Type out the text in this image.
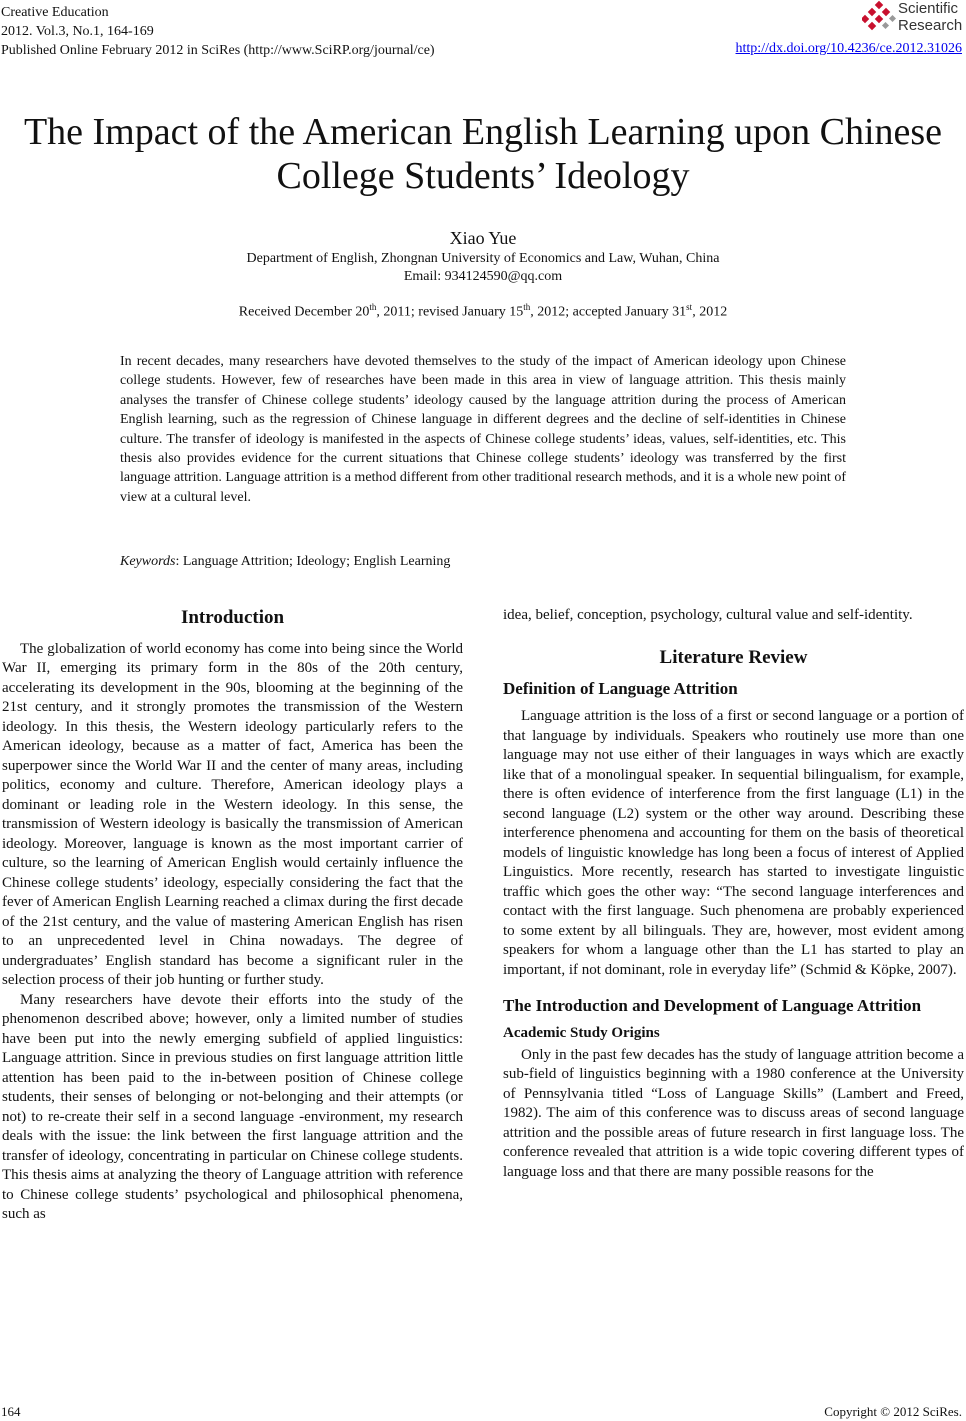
Creative Education
2012. Vol.3, No.1, 164-169
Published Online February 2012 in SciRes (http://www.SciRP.org/journal/ce)
Scientific
Research
http://dx.doi.org/10.4236/ce.2012.31026
The Impact of the American English Learning upon Chinese College Students’ Ideology
Xiao Yue
Department of English, Zhongnan University of Economics and Law, Wuhan, China
Email: 934124590@qq.com
Received December 20th, 2011; revised January 15th, 2012; accepted January 31st, 2012
In recent decades, many researchers have devoted themselves to the study of the impact of American ideology upon Chinese college students. However, few of researches have been made in this area in view of language attrition. This thesis mainly analyses the transfer of Chinese college students’ ideology caused by the language attrition during the process of American English learning, such as the regression of Chinese language in different degrees and the decline of self-identities in Chinese culture. The transfer of ideology is manifested in the aspects of Chinese college students’ ideas, values, self-identities, etc. This thesis also provides evidence for the current situations that Chinese college students’ ideology was transferred by the first language attrition. Language attrition is a method different from other traditional research methods, and it is a whole new point of view at a cultural level.
Keywords: Language Attrition; Ideology; English Learning
Introduction

The globalization of world economy has come into being since the World War II, emerging its primary form in the 80s of the 20th century, accelerating its development in the 90s, blooming at the beginning of the 21st century, and it strongly promotes the transmission of the Western ideology. In this thesis, the Western ideology particularly refers to the American ideology, because as a matter of fact, America has been the superpower since the World War II and the center of many areas, including politics, economy and culture. Therefore, American ideology plays a dominant or leading role in the Western ideology. In this sense, the transmission of Western ideology is basically the transmission of American ideology. Moreover, language is known as the most important carrier of culture, so the learning of American English would certainly influence the Chinese college students’ ideology, especially considering the fact that the fever of American English Learning reached a climax during the first decade of the 21st century, and the value of mastering American English has risen to an unprecedented level in China nowadays. The degree of undergraduates’ English standard has become a significant ruler in the selection process of their job hunting or further study.

Many researchers have devote their efforts into the study of the phenomenon described above; however, only a limited number of studies have been put into the newly emerging subfield of applied linguistics: Language attrition. Since in previous studies on first language attrition little attention has been paid to the in-between position of Chinese college students, their senses of belonging or not-belonging and their attempts (or not) to re-create their self in a second language -environment, my research deals with the issue: the link between the first language attrition and the transfer of ideology, concentrating in particular on Chinese college students. This thesis aims at analyzing the theory of Language attrition with reference to Chinese college students’ psychological and philosophical phenomena, such as

idea, belief, conception, psychology, cultural value and self-identity.

Literature Review
Definition of Language Attrition

Language attrition is the loss of a first or second language or a portion of that language by individuals. Speakers who routinely use more than one language may not use either of their languages in ways which are exactly like that of a monolingual speaker. In sequential bilingualism, for example, there is often evidence of interference from the first language (L1) in the second language (L2) system or the other way around. Describing these interference phenomena and accounting for them on the basis of theoretical models of linguistic knowledge has long been a focus of interest of Applied Linguistics. More recently, research has started to investigate linguistic traffic which goes the other way: “The second language interferences and contact with the first language. Such phenomena are probably experienced to some extent by all bilinguals. They are, however, most evident among speakers for whom a language other than the L1 has started to play an important, if not dominant, role in everyday life” (Schmid & Köpke, 2007).

The Introduction and Development of Language Attrition
Academic Study Origins

Only in the past few decades has the study of language attrition become a sub-field of linguistics beginning with a 1980 conference at the University of Pennsylvania titled “Loss of Language Skills” (Lambert and Freed, 1982). The aim of this conference was to discuss areas of second language attrition and the possible areas of future research in first language loss. The conference revealed that attrition is a wide topic covering different types of language loss and that there are many possible reasons for the

164	Copyright © 2012 SciRes.
